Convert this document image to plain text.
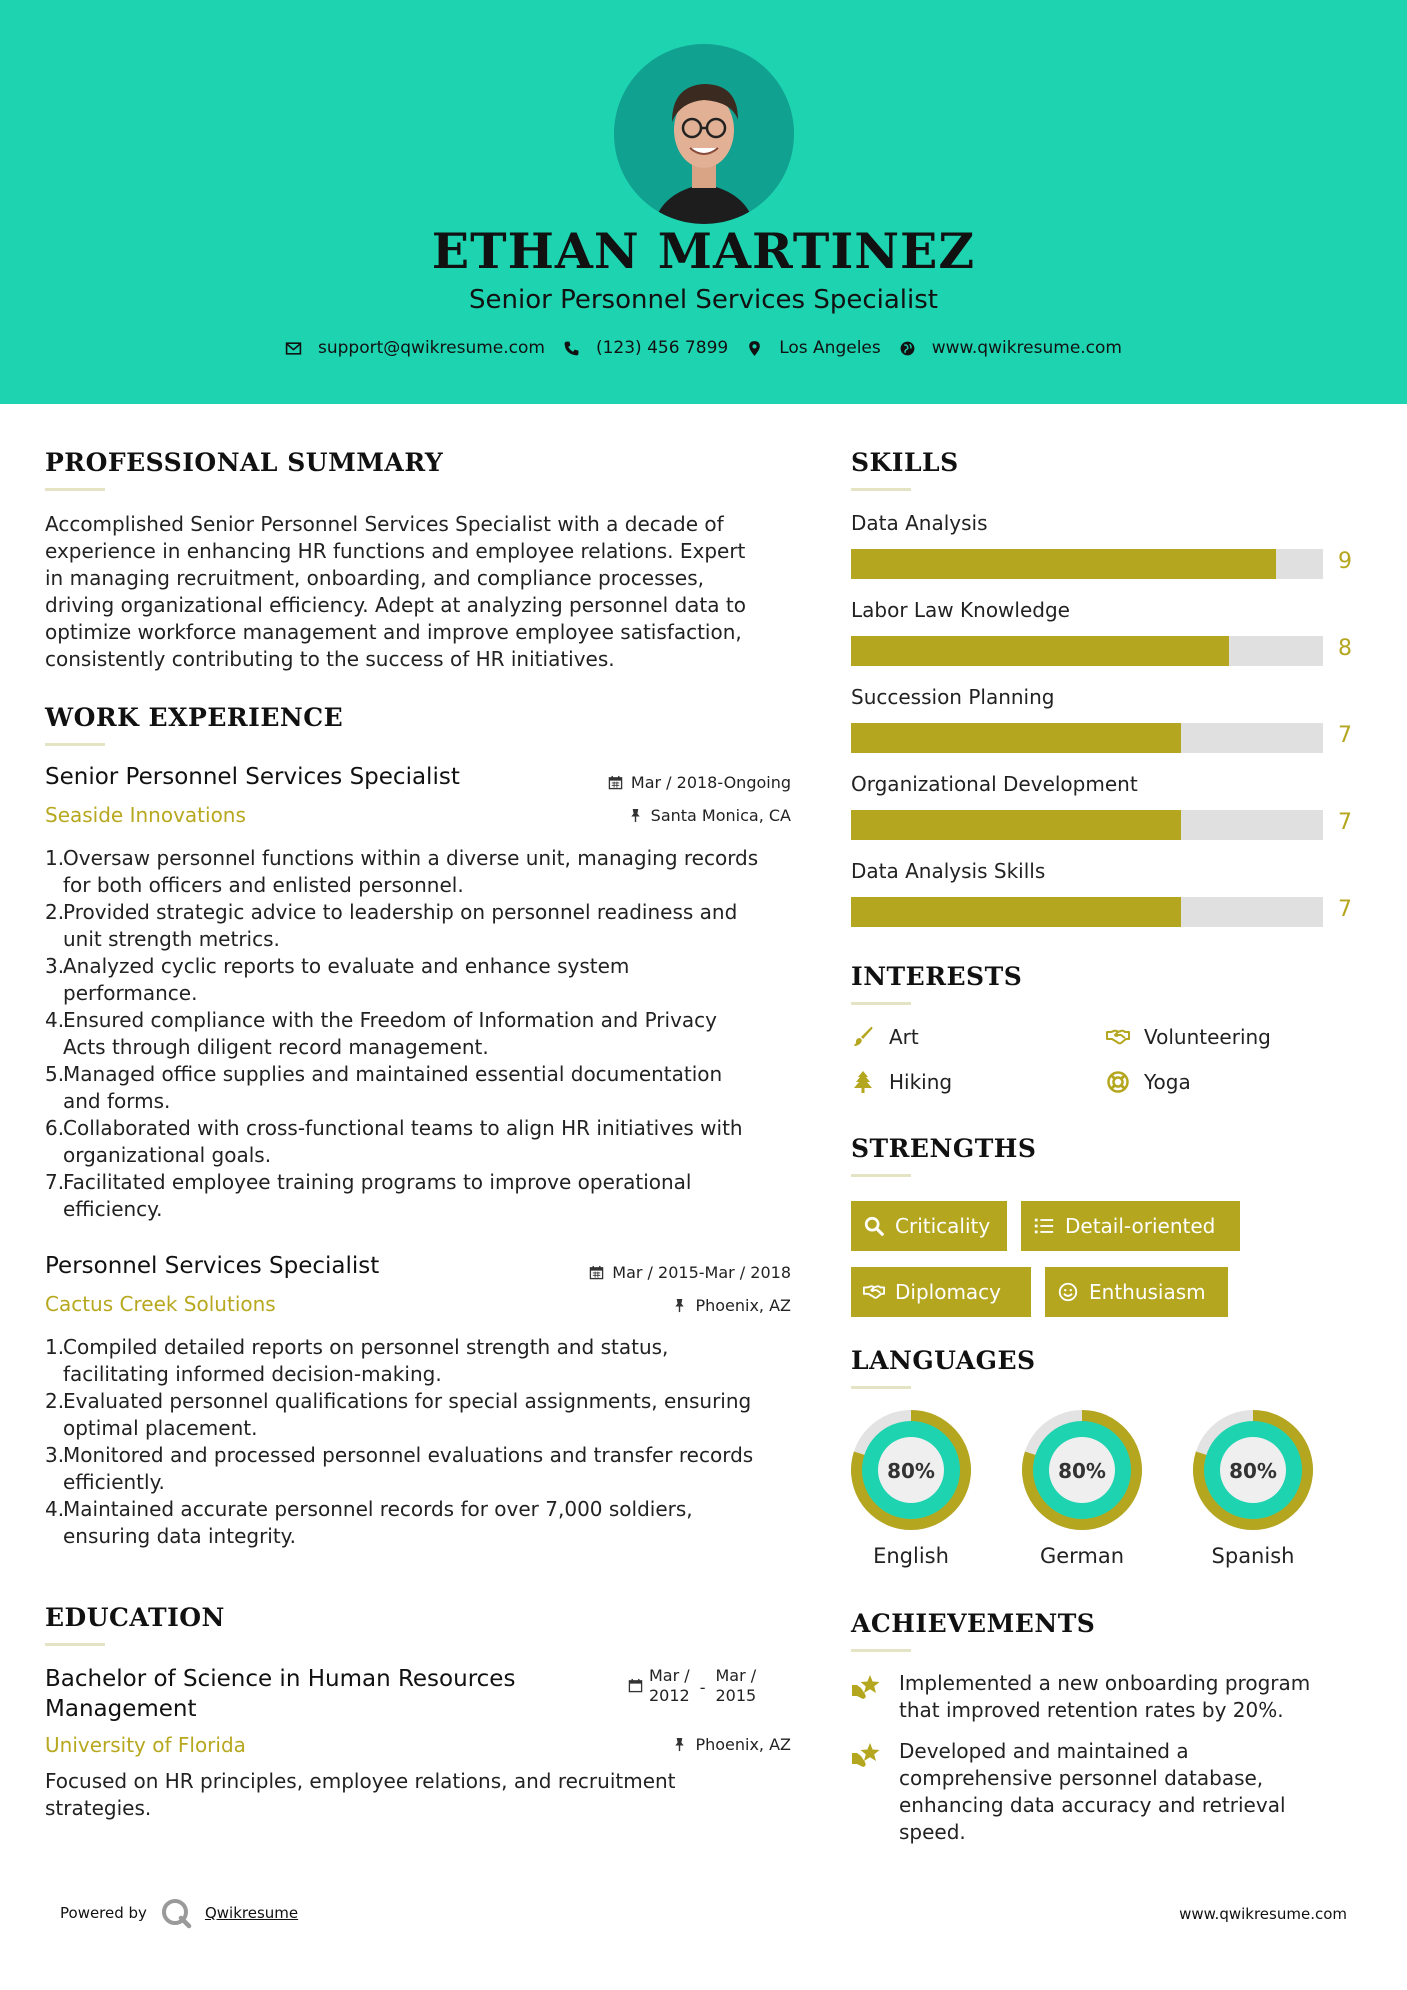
ETHAN MARTINEZ
Senior Personnel Services Specialist
support@qwikresume.com	(123) 456 7899	Los Angeles	www.qwikresume.com
PROFESSIONAL SUMMARY
Accomplished Senior Personnel Services Specialist with a decade of
experience in enhancing HR functions and employee relations. Expert
in managing recruitment, onboarding, and compliance processes,
driving organizational efficiency. Adept at analyzing personnel data to
optimize workforce management and improve employee satisfaction,
consistently contributing to the success of HR initiatives.
WORK EXPERIENCE
Senior Personnel Services Specialist	Mar / 2018-Ongoing
Seaside Innovations	Santa Monica, CA
1.
Oversaw personnel functions within a diverse unit, managing records
for both officers and enlisted personnel.
2.
Provided strategic advice to leadership on personnel readiness and
unit strength metrics.
3.
Analyzed cyclic reports to evaluate and enhance system
performance.
4.
Ensured compliance with the Freedom of Information and Privacy
Acts through diligent record management.
5.
Managed office supplies and maintained essential documentation
and forms.
6.
Collaborated with cross-functional teams to align HR initiatives with
organizational goals.
7.
Facilitated employee training programs to improve operational
efficiency.
Personnel Services Specialist	Mar / 2015-Mar / 2018
Cactus Creek Solutions	Phoenix, AZ
1.
Compiled detailed reports on personnel strength and status,
facilitating informed decision-making.
2.
Evaluated personnel qualifications for special assignments, ensuring
optimal placement.
3.
Monitored and processed personnel evaluations and transfer records
efficiently.
4.
Maintained accurate personnel records for over 7,000 soldiers,
ensuring data integrity.
EDUCATION
Bachelor of Science in Human Resources
Management
Mar /
2012 -
Mar /
2015
University of Florida	Phoenix, AZ
Focused on HR principles, employee relations, and recruitment
strategies.
SKILLS
Data Analysis
9
Labor Law Knowledge
8
Succession Planning
7
Organizational Development
7
Data Analysis Skills
7
INTERESTS
Art	Volunteering
Hiking	Yoga
STRENGTHS
Criticality	Detail-oriented
Diplomacy	Enthusiasm
LANGUAGES
80%
English
80%
German
80%
Spanish
ACHIEVEMENTS
Implemented a new onboarding program
that improved retention rates by 20%.
Developed and maintained a
comprehensive personnel database,
enhancing data accuracy and retrieval
speed.
Powered by	Qwikresume	www.qwikresume.com
